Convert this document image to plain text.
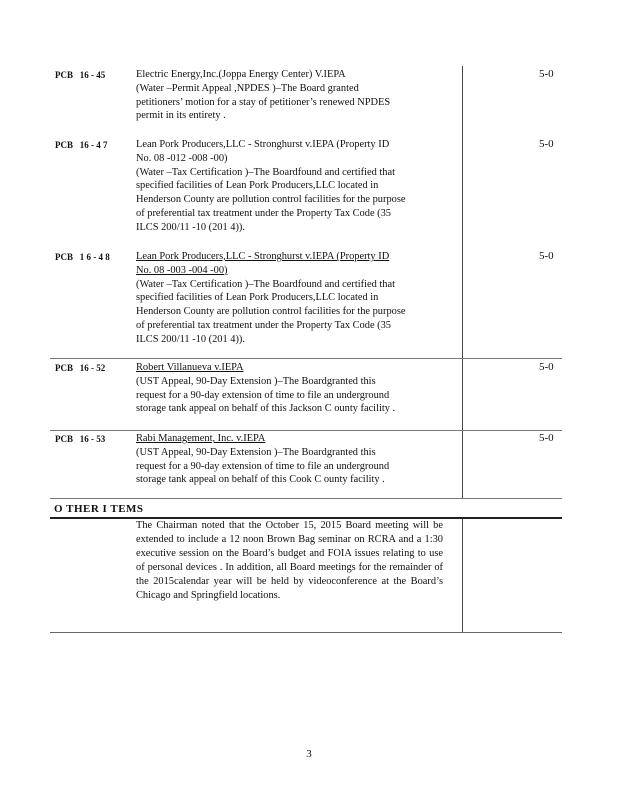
PCB   16 - 45	Electric Energy,Inc.(Joppa Energy Center) V.IEPA

(Water –Permit Appeal ,NPDES )–The Board granted

petitioners’ motion for a stay of petitioner’s renewed NPDES

permit in its entirety .

5-0
PCB   16 - 4 7	Lean Pork Producers,LLC - Stronghurst v.IEPA (Property ID

No. 08 -012 -008 -00)

(Water –Tax Certification )–The Boardfound and certified that

specified facilities of Lean Pork Producers,LLC located in

Henderson County are pollution control facilities for the purpose

of preferential tax treatment under the Property Tax Code (35

ILCS 200/11 -10 (201 4)).

5-0
PCB   1 6 - 4 8	Lean Pork Producers,LLC - Stronghurst v.IEPA (Property ID

No. 08 -003 -004 -00)

(Water –Tax Certification )–The Boardfound and certified that

specified facilities of Lean Pork Producers,LLC located in

Henderson County are pollution control facilities for the purpose

of preferential tax treatment under the Property Tax Code (35

ILCS 200/11 -10 (201 4)).

5-0
PCB   16 - 52	Robert Villanueva v.IEPA

(UST Appeal, 90-Day Extension )–The Boardgranted this

request for a 90-day extension of time to file an underground

storage tank appeal on behalf of this Jackson C ounty facility .

5-0
PCB   16 - 53	Rabi Management, Inc. v.IEPA

(UST Appeal, 90-Day Extension )–The Boardgranted this

request for a 90-day extension of time to file an underground

storage tank appeal on behalf of this Cook C ounty facility .

5-0
O THER I TEMS
The Chairman noted that the October 15, 2015 Board meeting will be extended to include a 12 noon Brown Bag seminar on RCRA and a 1:30 executive session on the Board’s budget and FOIA issues relating to use of personal devices . In addition, all Board meetings for the remainder of the 2015calendar year will be held by videoconference at the Board’s Chicago and Springfield locations.
3
